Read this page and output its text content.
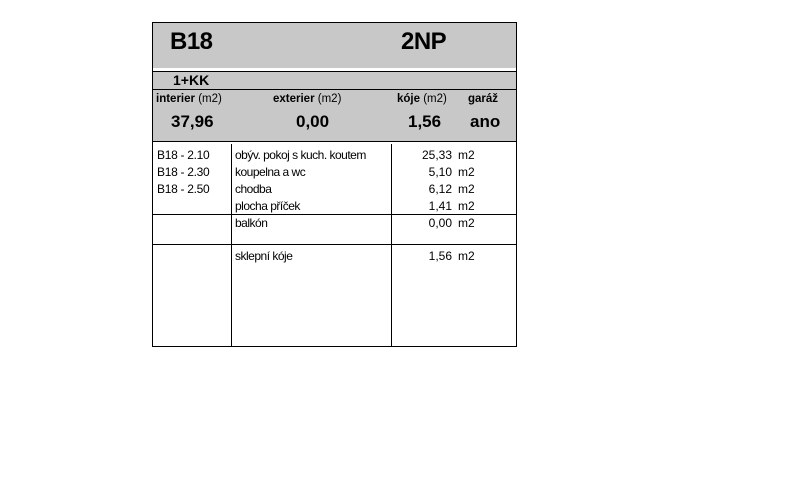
B18	2NP
1+KK
interier (m2)	exterier (m2)	kóje (m2) garáž
37,96	0,00	1,56 ano
B18 - 2.10 obýv. pokoj s kuch. koutem	25,33 m2
B18 - 2.30 koupelna a wc	5,10 m2
B18 - 2.50 chodba	6,12 m2
plocha příček	1,41 m2
balkón	0,00 m2
sklepní kóje	1,56 m2
